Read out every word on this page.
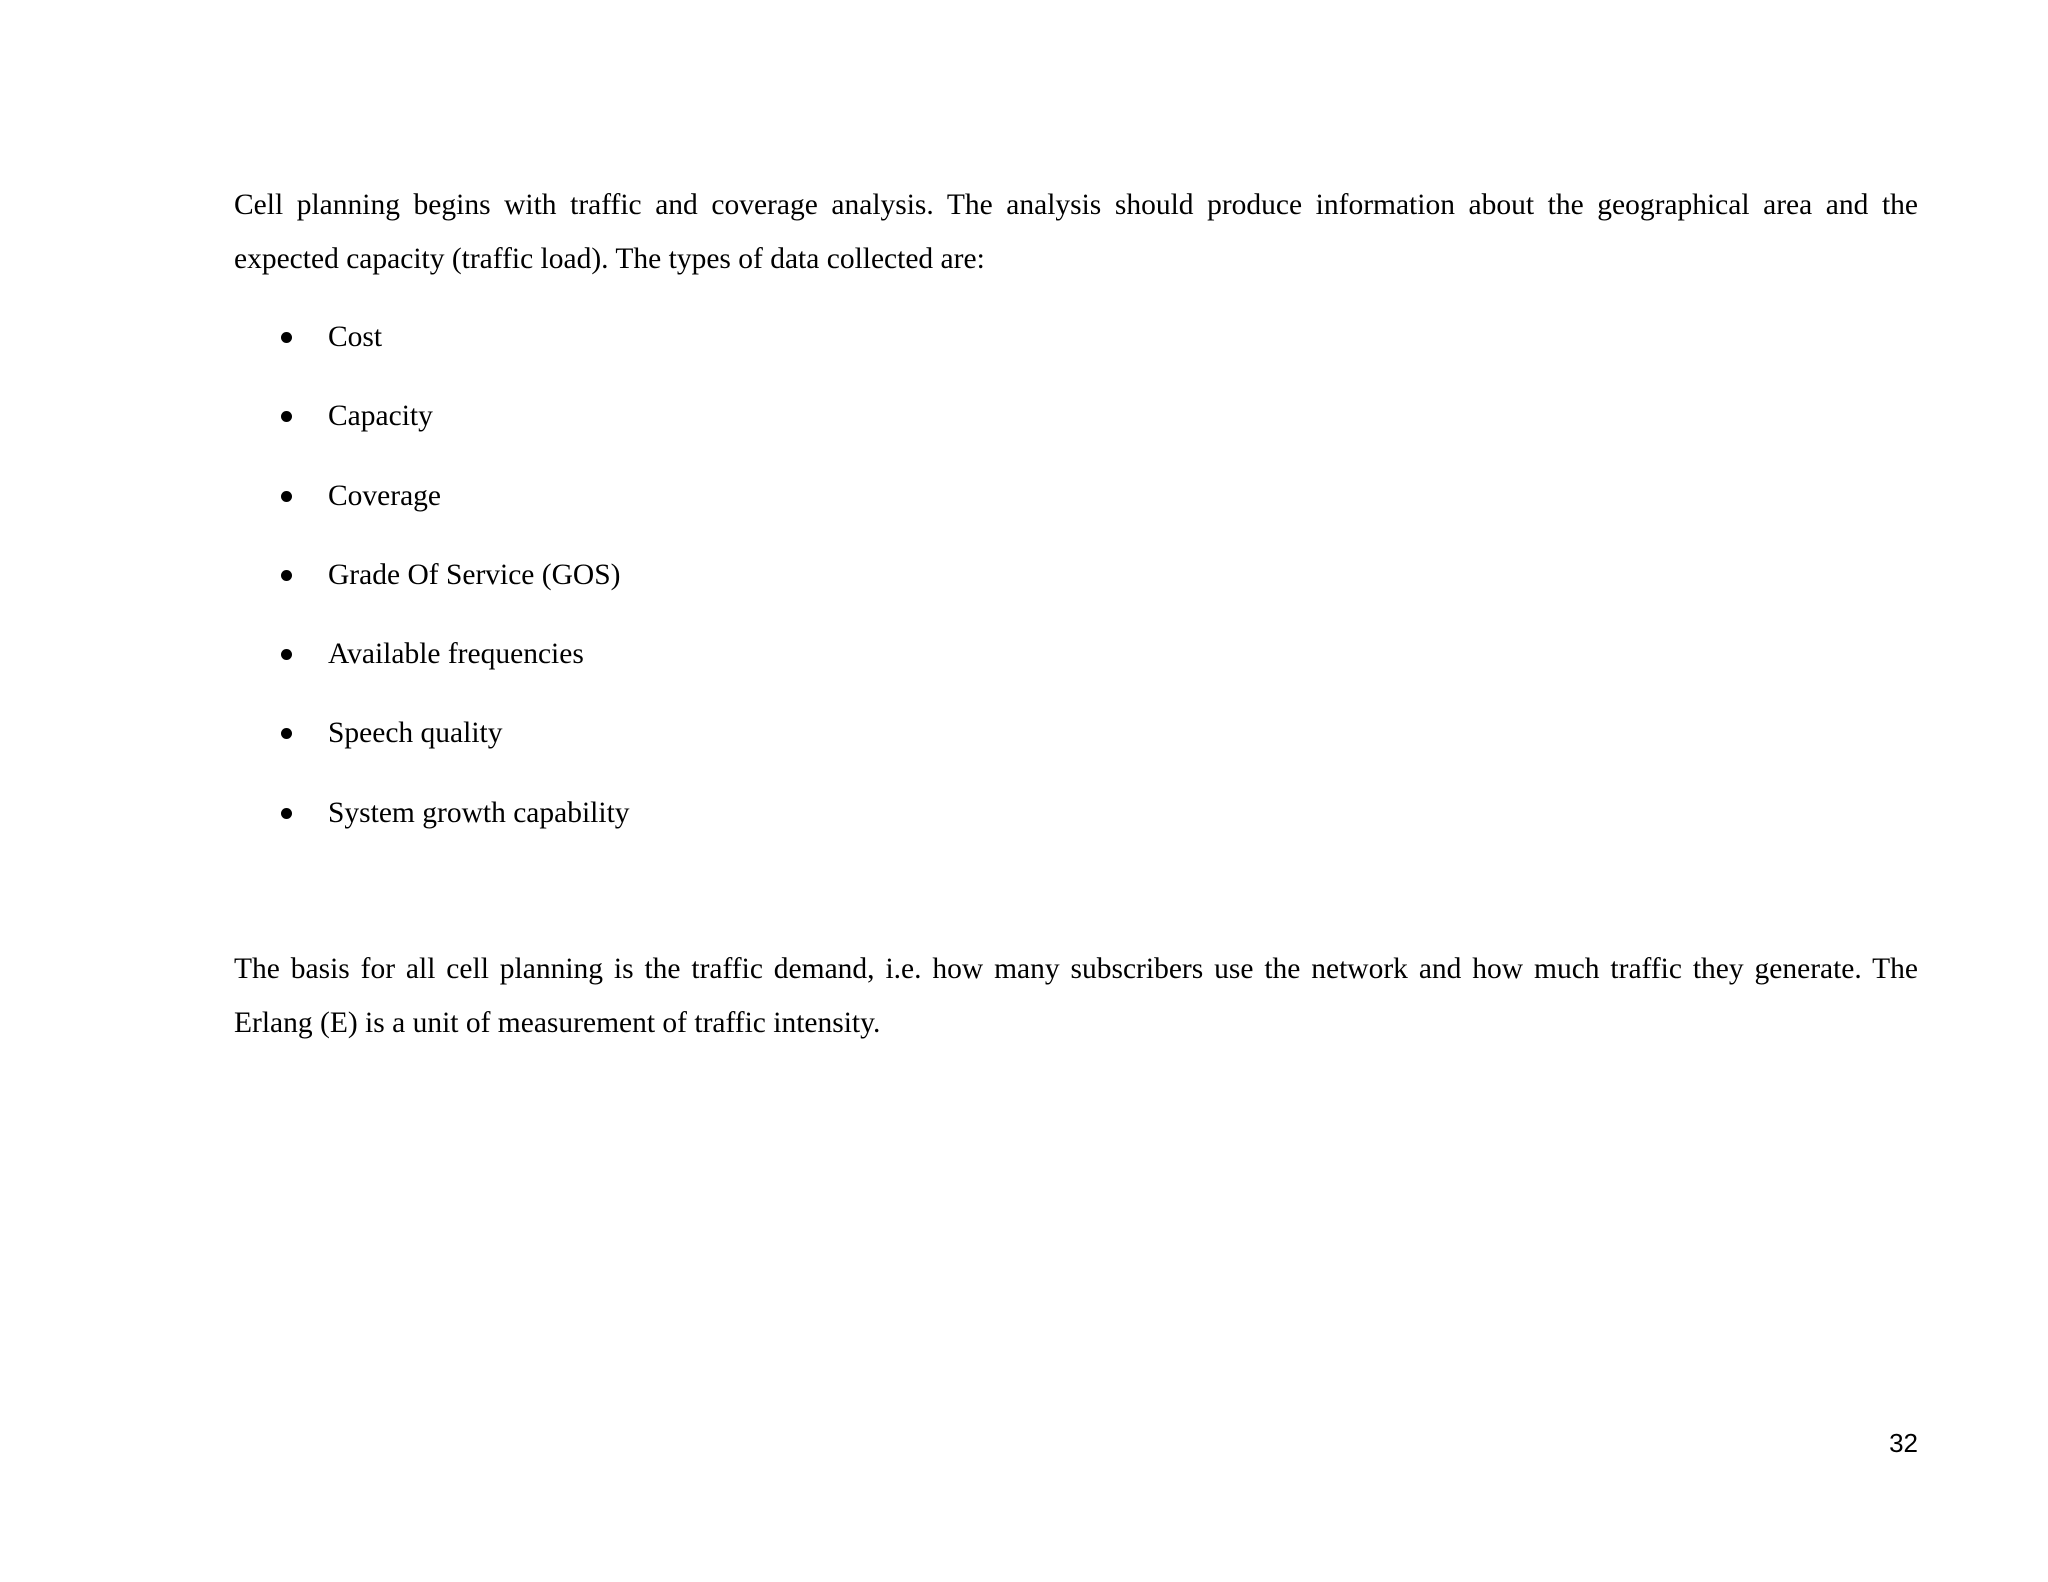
Cell planning begins with traffic and coverage analysis. The analysis should produce information about the geographical area and the expected capacity (traffic load). The types of data collected are:

Cost
Capacity
Coverage
Grade Of Service (GOS)
Available frequencies
Speech quality
System growth capability

The basis for all cell planning is the traffic demand, i.e. how many subscribers use the network and how much traffic they generate. The Erlang (E) is a unit of measurement of traffic intensity.

32
